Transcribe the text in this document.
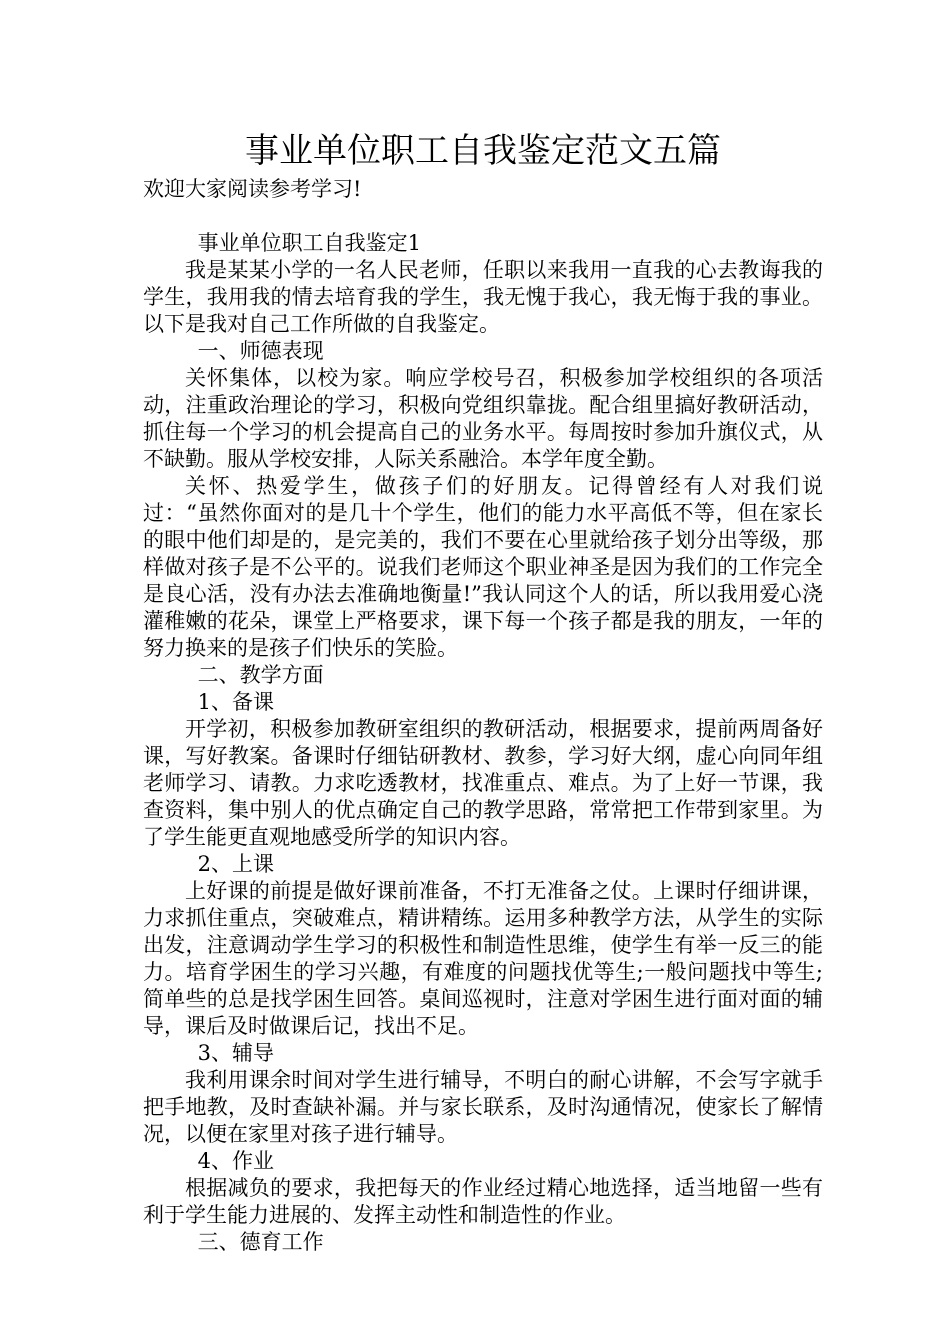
事业单位职工自我鉴定范文五篇
欢迎大家阅读参考学习!

事业单位职工自我鉴定1

我是某某小学的一名人民老师，任职以来我用一直我的心去教诲我的学生，我用我的情去培育我的学生，我无愧于我心，我无悔于我的事业。以下是我对自己工作所做的自我鉴定。

一、师德表现

关怀集体，以校为家。响应学校号召，积极参加学校组织的各项活动，注重政治理论的学习，积极向党组织靠拢。配合组里搞好教研活动，抓住每一个学习的机会提高自己的业务水平。每周按时参加升旗仪式，从不缺勤。服从学校安排，人际关系融洽。本学年度全勤。

关怀、热爱学生，做孩子们的好朋友。记得曾经有人对我们说过：“虽然你面对的是几十个学生，他们的能力水平高低不等，但在家长的眼中他们却是的，是完美的，我们不要在心里就给孩子划分出等级，那样做对孩子是不公平的。说我们老师这个职业神圣是因为我们的工作完全是良心活，没有办法去准确地衡量!”我认同这个人的话，所以我用爱心浇灌稚嫩的花朵，课堂上严格要求，课下每一个孩子都是我的朋友，一年的努力换来的是孩子们快乐的笑脸。

二、教学方面

1、备课

开学初，积极参加教研室组织的教研活动，根据要求，提前两周备好课，写好教案。备课时仔细钻研教材、教参，学习好大纲，虚心向同年组老师学习、请教。力求吃透教材，找准重点、难点。为了上好一节课，我查资料，集中别人的优点确定自己的教学思路，常常把工作带到家里。为了学生能更直观地感受所学的知识内容。

2、上课

上好课的前提是做好课前准备，不打无准备之仗。上课时仔细讲课，力求抓住重点，突破难点，精讲精练。运用多种教学方法，从学生的实际出发，注意调动学生学习的积极性和制造性思维，使学生有举一反三的能力。培育学困生的学习兴趣，有难度的问题找优等生;一般问题找中等生;简单些的总是找学困生回答。桌间巡视时，注意对学困生进行面对面的辅导，课后及时做课后记，找出不足。

3、辅导

我利用课余时间对学生进行辅导，不明白的耐心讲解，不会写字就手把手地教，及时查缺补漏。并与家长联系，及时沟通情况，使家长了解情况，以便在家里对孩子进行辅导。

4、作业

根据减负的要求，我把每天的作业经过精心地选择，适当地留一些有利于学生能力进展的、发挥主动性和制造性的作业。

三、德育工作
